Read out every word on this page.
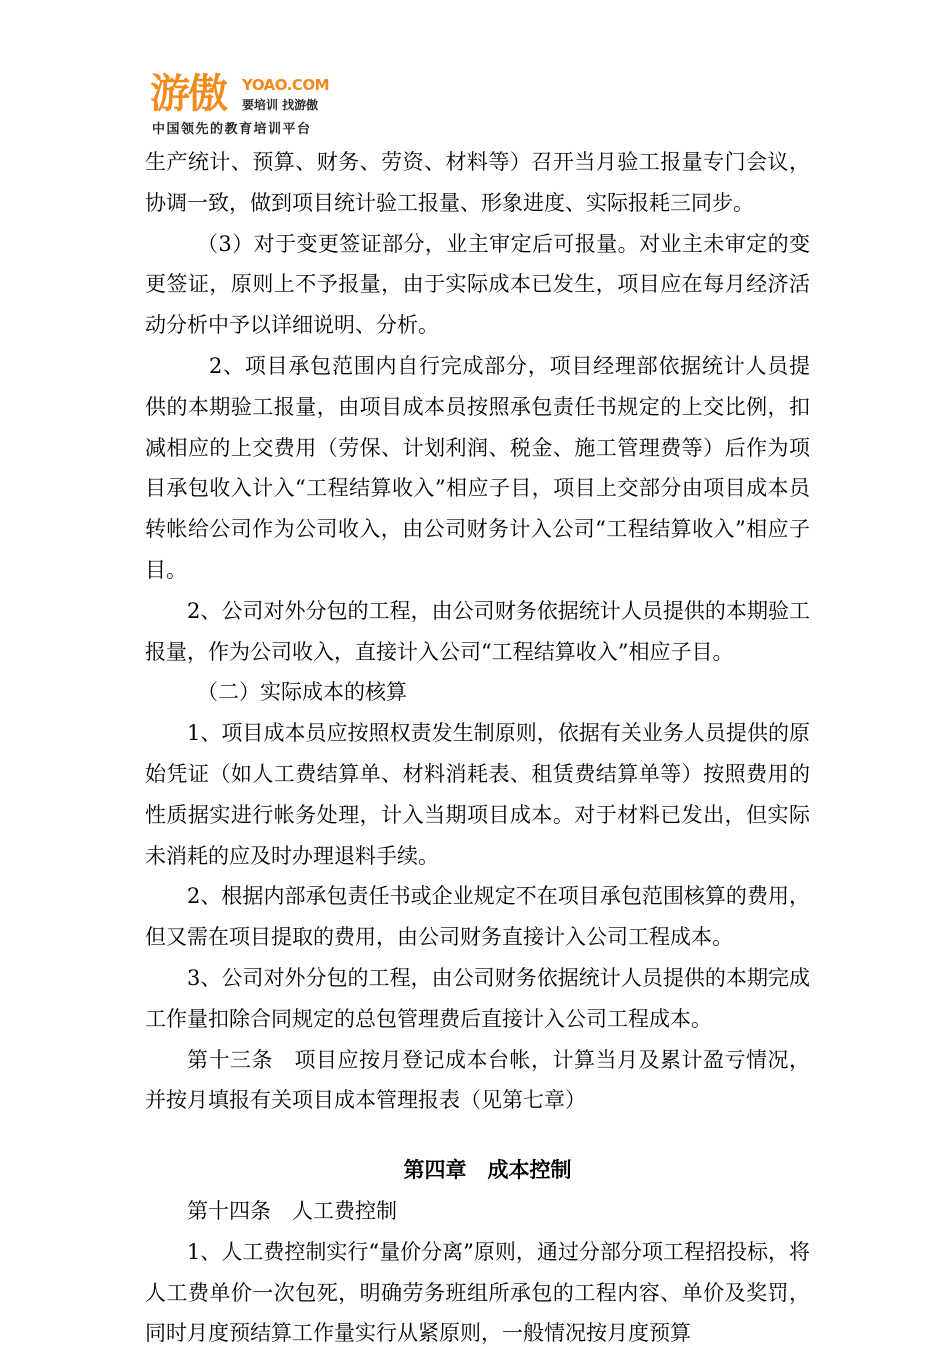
游傲 YOAO.COM
要培训 找游傲
中国领先的教育培训平台

生产统计、预算、财务、劳资、材料等）召开当月验工报量专门会议，协调一致，做到项目统计验工报量、形象进度、实际报耗三同步。

（3）对于变更签证部分，业主审定后可报量。对业主未审定的变更签证，原则上不予报量，由于实际成本已发生，项目应在每月经济活动分析中予以详细说明、分析。

2、项目承包范围内自行完成部分，项目经理部依据统计人员提供的本期验工报量，由项目成本员按照承包责任书规定的上交比例，扣减相应的上交费用（劳保、计划利润、税金、施工管理费等）后作为项目承包收入计入“工程结算收入”相应子目，项目上交部分由项目成本员转帐给公司作为公司收入，由公司财务计入公司“工程结算收入”相应子目。

2、公司对外分包的工程，由公司财务依据统计人员提供的本期验工报量，作为公司收入，直接计入公司“工程结算收入”相应子目。

（二）实际成本的核算

1、项目成本员应按照权责发生制原则，依据有关业务人员提供的原始凭证（如人工费结算单、材料消耗表、租赁费结算单等）按照费用的性质据实进行帐务处理，计入当期项目成本。对于材料已发出，但实际未消耗的应及时办理退料手续。

2、根据内部承包责任书或企业规定不在项目承包范围核算的费用，但又需在项目提取的费用，由公司财务直接计入公司工程成本。

3、公司对外分包的工程，由公司财务依据统计人员提供的本期完成工作量扣除合同规定的总包管理费后直接计入公司工程成本。

第十三条　项目应按月登记成本台帐，计算当月及累计盈亏情况，并按月填报有关项目成本管理报表（见第七章）

第四章　成本控制

第十四条　人工费控制

1、人工费控制实行“量价分离”原则，通过分部分项工程招投标，将人工费单价一次包死，明确劳务班组所承包的工程内容、单价及奖罚，同时月度预结算工作量实行从紧原则，一般情况按月度预算
